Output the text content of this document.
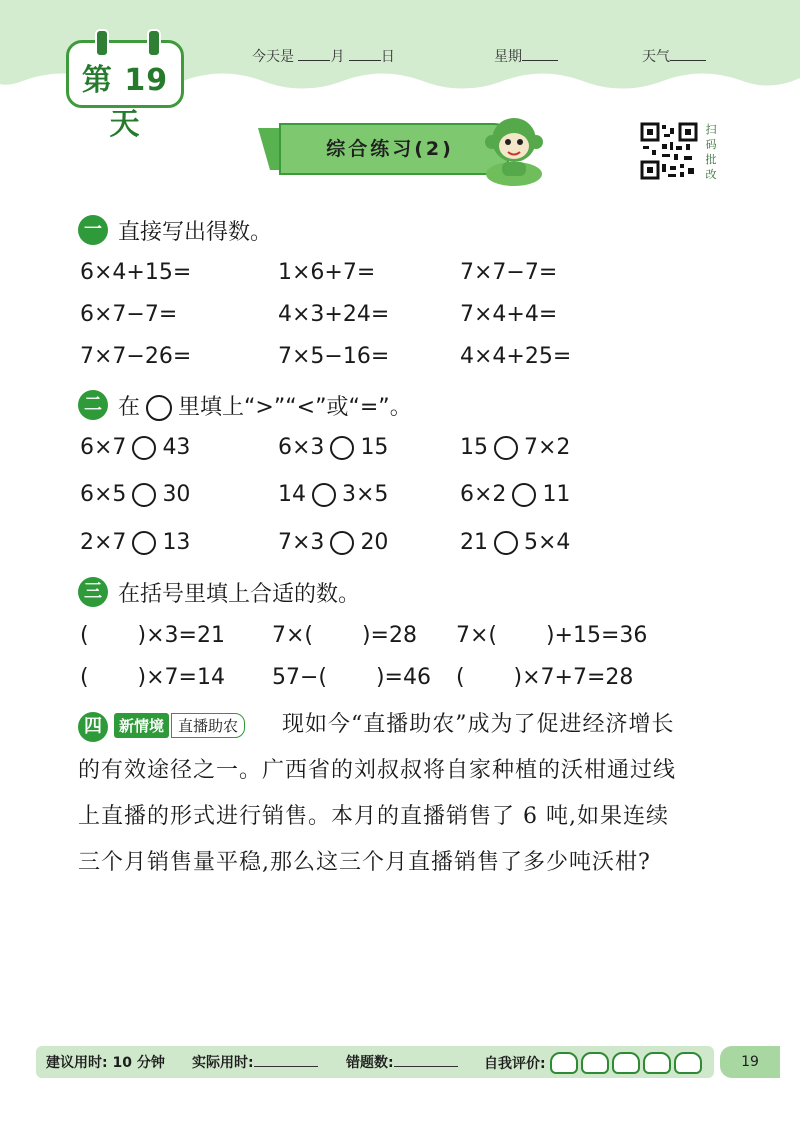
第 19 天
今天是	月	日	星期	天气
综合练习(2)
扫码批改
一 直接写出得数。
6×4+15=	1×6+7=	7×7−7=
6×7−7=	4×3+24=	7×4+4=
7×7−26=	7×5−16=	4×4+25=
二 在 里填上“>”“<”或“=”。
6×7 43	6×3 15	15 7×2
6×5 30	14 3×5	6×2 11
2×7 13	7×3 20	21 5×4
三 在括号里填上合适的数。
(       )×3=21 7×(       )=28 7×(       )+15=36
(       )×7=14 57−(       )=46 (       )×7+7=28
四	新情境 直播助农	现如今“直播助农”成为了促进经济增长
的有效途径之一。广西省的刘叔叔将自家种植的沃柑通过线
上直播的形式进行销售。本月的直播销售了 6 吨,如果连续
三个月销售量平稳,那么这三个月直播销售了多少吨沃柑?
建议用时: 10 分钟 实际用时:	错题数:	自我评价:	19
